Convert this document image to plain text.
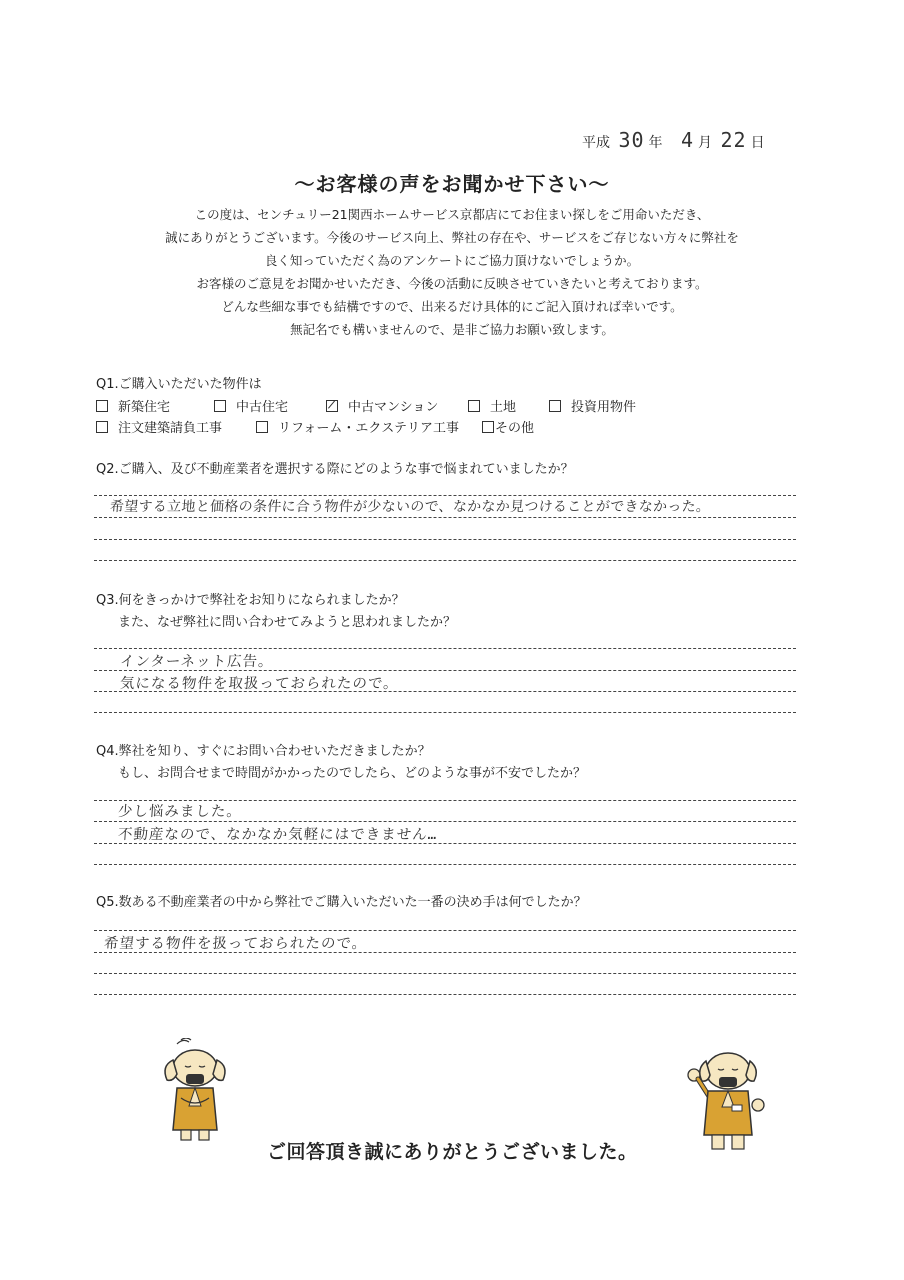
平成 30 年 4 月 22 日
～お客様の声をお聞かせ下さい～
この度は、センチュリー21関西ホームサービス京都店にてお住まい探しをご用命いただき、
誠にありがとうございます。今後のサービス向上、弊社の存在や、サービスをご存じない方々に弊社を
良く知っていただく為のアンケートにご協力頂けないでしょうか。
お客様のご意見をお聞かせいただき、今後の活動に反映させていきたいと考えております。
どんな些細な事でも結構ですので、出来るだけ具体的にご記入頂ければ幸いです。
無記名でも構いませんので、是非ご協力お願い致します。
Q1.ご購入いただいた物件は
新築住宅	中古住宅	中古マンション	土地	投資用物件
注文建築請負工事	リフォーム・エクステリア工事	その他
Q2.ご購入、及び不動産業者を選択する際にどのような事で悩まれていましたか？
希望する立地と価格の条件に合う物件が少ないので、なかなか見つけることができなかった。
Q3.何をきっかけで弊社をお知りになられましたか？
また、なぜ弊社に問い合わせてみようと思われましたか？
インターネット広告。
気になる物件を取扱っておられたので。
Q4.弊社を知り、すぐにお問い合わせいただきましたか？
もし、お問合せまで時間がかかったのでしたら、どのような事が不安でしたか？
少し悩みました。
不動産なので、なかなか気軽にはできません…
Q5.数ある不動産業者の中から弊社でご購入いただいた一番の決め手は何でしたか？
希望する物件を扱っておられたので。
ご回答頂き誠にありがとうございました。
